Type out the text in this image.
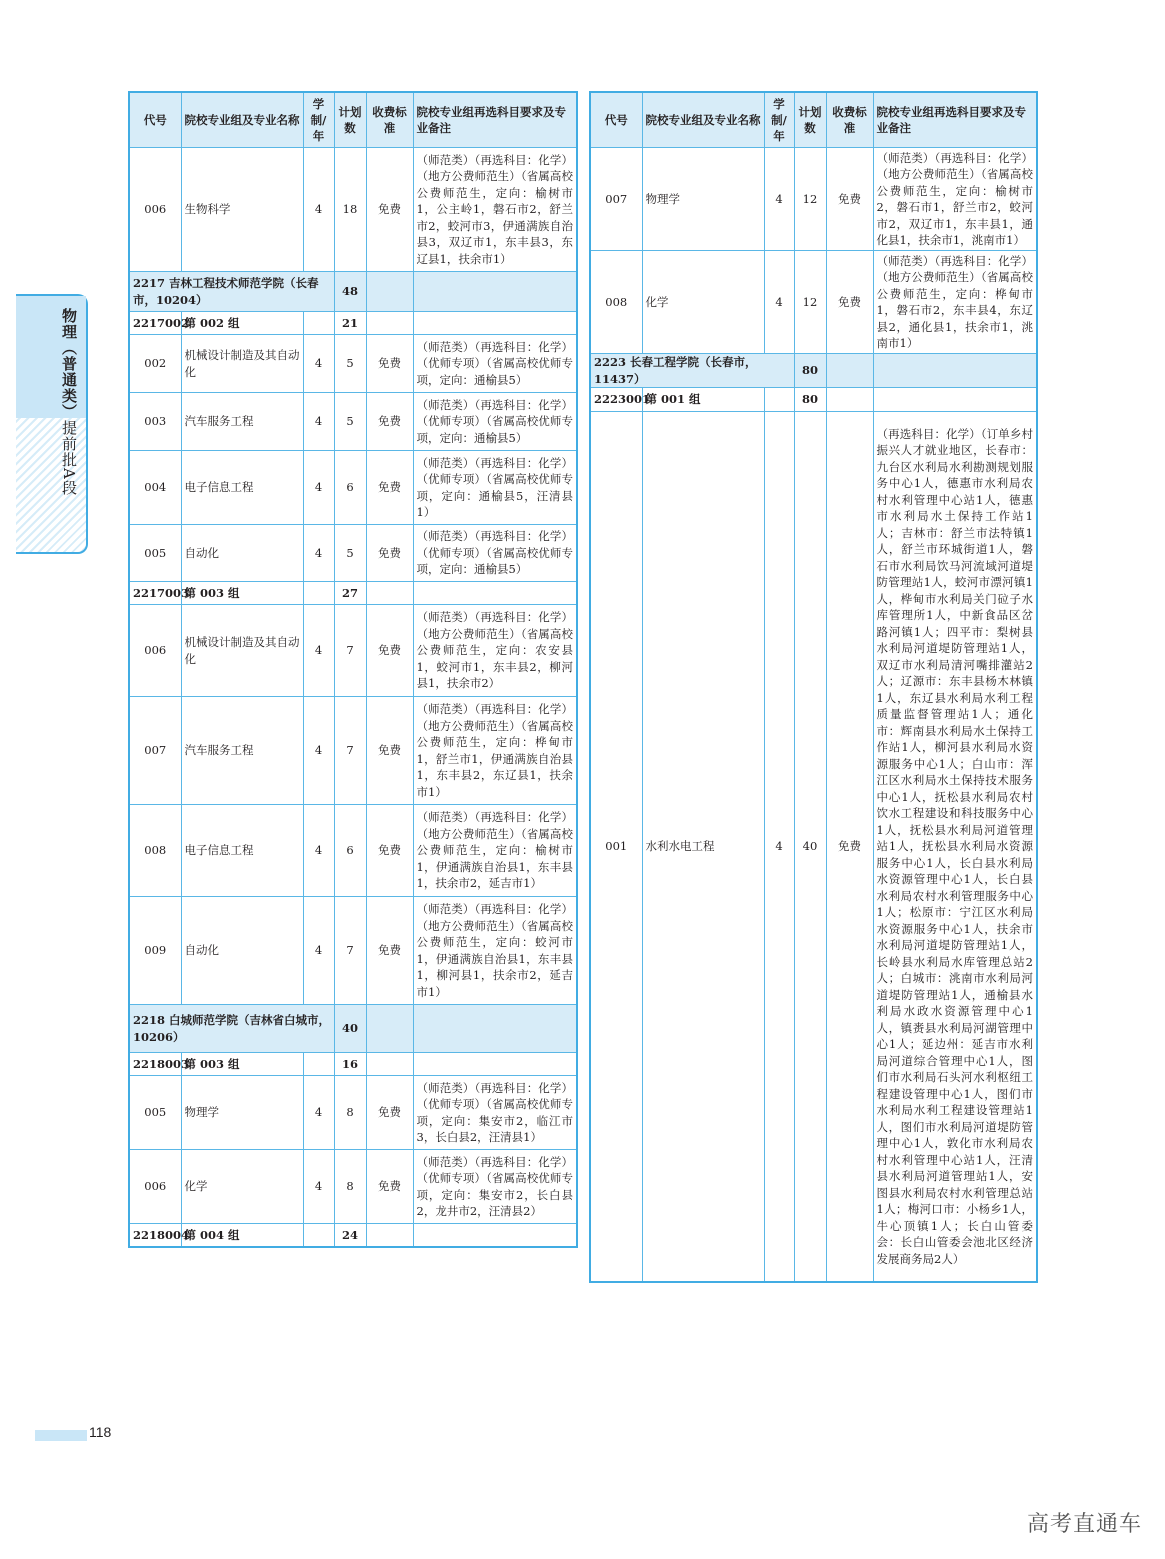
代号	院校专业组及专业名称	学制/年	计划数	收费标准	院校专业组再选科目要求及专业备注
006	生物科学	4	18	免费	（师范类）（再选科目：化学）（地方公费师范生）（省属高校公费师范生，定向：榆树市1，公主岭1，磐石市2，舒兰市2，蛟河市3，伊通满族自治县3，双辽市1，东丰县3，东辽县1，扶余市1）
2217 吉林工程技术师范学院（长春市，10204）			48		
2217002	第 002 组		21		
002	机械设计制造及其自动化	4	5	免费	（师范类）（再选科目：化学）（优师专项）（省属高校优师专项，定向：通榆县5）
003	汽车服务工程	4	5	免费	（师范类）（再选科目：化学）（优师专项）（省属高校优师专项，定向：通榆县5）
004	电子信息工程	4	6	免费	（师范类）（再选科目：化学）（优师专项）（省属高校优师专项，定向：通榆县5，汪清县1）
005	自动化	4	5	免费	（师范类）（再选科目：化学）（优师专项）（省属高校优师专项，定向：通榆县5）
2217003	第 003 组		27		
006	机械设计制造及其自动化	4	7	免费	（师范类）（再选科目：化学）（地方公费师范生）（省属高校公费师范生，定向：农安县1，蛟河市1，东丰县2，柳河县1，扶余市2）
007	汽车服务工程	4	7	免费	（师范类）（再选科目：化学）（地方公费师范生）（省属高校公费师范生，定向：桦甸市1，舒兰市1，伊通满族自治县1，东丰县2，东辽县1，扶余市1）
008	电子信息工程	4	6	免费	（师范类）（再选科目：化学）（地方公费师范生）（省属高校公费师范生，定向：榆树市1，伊通满族自治县1，东丰县1，扶余市2，延吉市1）
009	自动化	4	7	免费	（师范类）（再选科目：化学）（地方公费师范生）（省属高校公费师范生，定向：蛟河市1，伊通满族自治县1，东丰县1，柳河县1，扶余市2，延吉市1）
2218 白城师范学院（吉林省白城市，10206）			40		
2218003	第 003 组		16		
005	物理学	4	8	免费	（师范类）（再选科目：化学）（优师专项）（省属高校优师专项，定向：集安市2，临江市3，长白县2，汪清县1）
006	化学	4	8	免费	（师范类）（再选科目：化学）（优师专项）（省属高校优师专项，定向：集安市2，长白县2，龙井市2，汪清县2）
2218004	第 004 组		24		
代号	院校专业组及专业名称	学制/年	计划数	收费标准	院校专业组再选科目要求及专业备注
007	物理学	4	12	免费	（师范类）（再选科目：化学）（地方公费师范生）（省属高校公费师范生，定向：榆树市2，磐石市1，舒兰市2，蛟河市2，双辽市1，东丰县1，通化县1，扶余市1，洮南市1）
008	化学	4	12	免费	（师范类）（再选科目：化学）（地方公费师范生）（省属高校公费师范生，定向：桦甸市1，磐石市2，东丰县4，东辽县2，通化县1，扶余市1，洮南市1）
2223 长春工程学院（长春市，11437）			80		
2223001	第 001 组		80		
001	水利水电工程	4	40	免费	（再选科目：化学）（订单乡村振兴人才就业地区，长春市：九台区水利局水利勘测规划服务中心1人，德惠市水利局农村水利管理中心站1人，德惠市水利局水土保持工作站1人；吉林市：舒兰市法特镇1人，舒兰市环城街道1人，磐石市水利局饮马河流域河道堤防管理站1人，蛟河市漂河镇1人，桦甸市水利局关门砬子水库管理所1人，中新食品区岔路河镇1人；四平市：梨树县水利局河道堤防管理站1人，双辽市水利局清河嘴排灌站2人；辽源市：东丰县杨木林镇1人，东辽县水利局水利工程质量监督管理站1人；通化市：辉南县水利局水土保持工作站1人，柳河县水利局水资源服务中心1人；白山市：浑江区水利局水土保持技术服务中心1人，抚松县水利局农村饮水工程建设和科技服务中心1人，抚松县水利局河道管理站1人，抚松县水利局水资源服务中心1人，长白县水利局水资源管理中心1人，长白县水利局农村水利管理服务中心1人；松原市：宁江区水利局水资源服务中心1人，扶余市水利局河道堤防管理站1人，长岭县水利局水库管理总站2人；白城市：洮南市水利局河道堤防管理站1人，通榆县水利局水政水资源管理中心1人，镇赉县水利局河湖管理中心1人；延边州：延吉市水利局河道综合管理中心1人，图们市水利局石头河水利枢纽工程建设管理中心1人，图们市水利局水利工程建设管理站1人，图们市水利局河道堤防管理中心1人，敦化市水利局农村水利管理中心站1人，汪清县水利局河道管理站1人，安图县水利局农村水利管理总站1人；梅河口市：小杨乡1人，牛心顶镇1人；长白山管委会：长白山管委会池北区经济发展商务局2人）
物理（普通类）提前批A段
118
高考直通车
